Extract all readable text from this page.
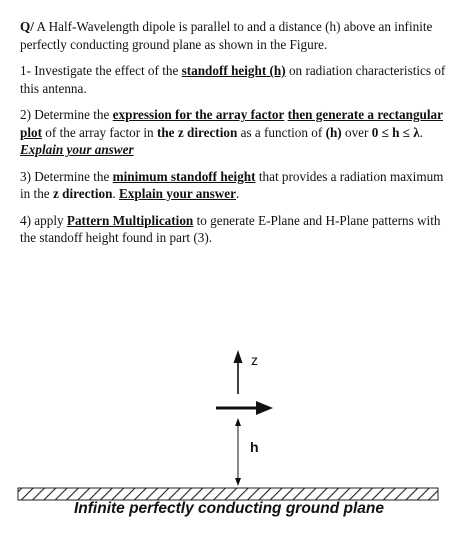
Q/ A Half-Wavelength dipole is parallel to and a distance (h) above an infinite perfectly conducting ground plane as shown in the Figure.

1- Investigate the effect of the standoff height (h) on radiation characteristics of this antenna.

2) Determine the expression for the array factor then generate a rectangular plot of the array factor in the z direction as a function of (h) over 0 ≤ h ≤ λ. Explain your answer

3) Determine the minimum standoff height that provides a radiation maximum in the z direction. Explain your answer.

4) apply Pattern Multiplication to generate E-Plane and H-Plane patterns with the standoff height found in part (3).

z
h
Infinite perfectly conducting ground plane
